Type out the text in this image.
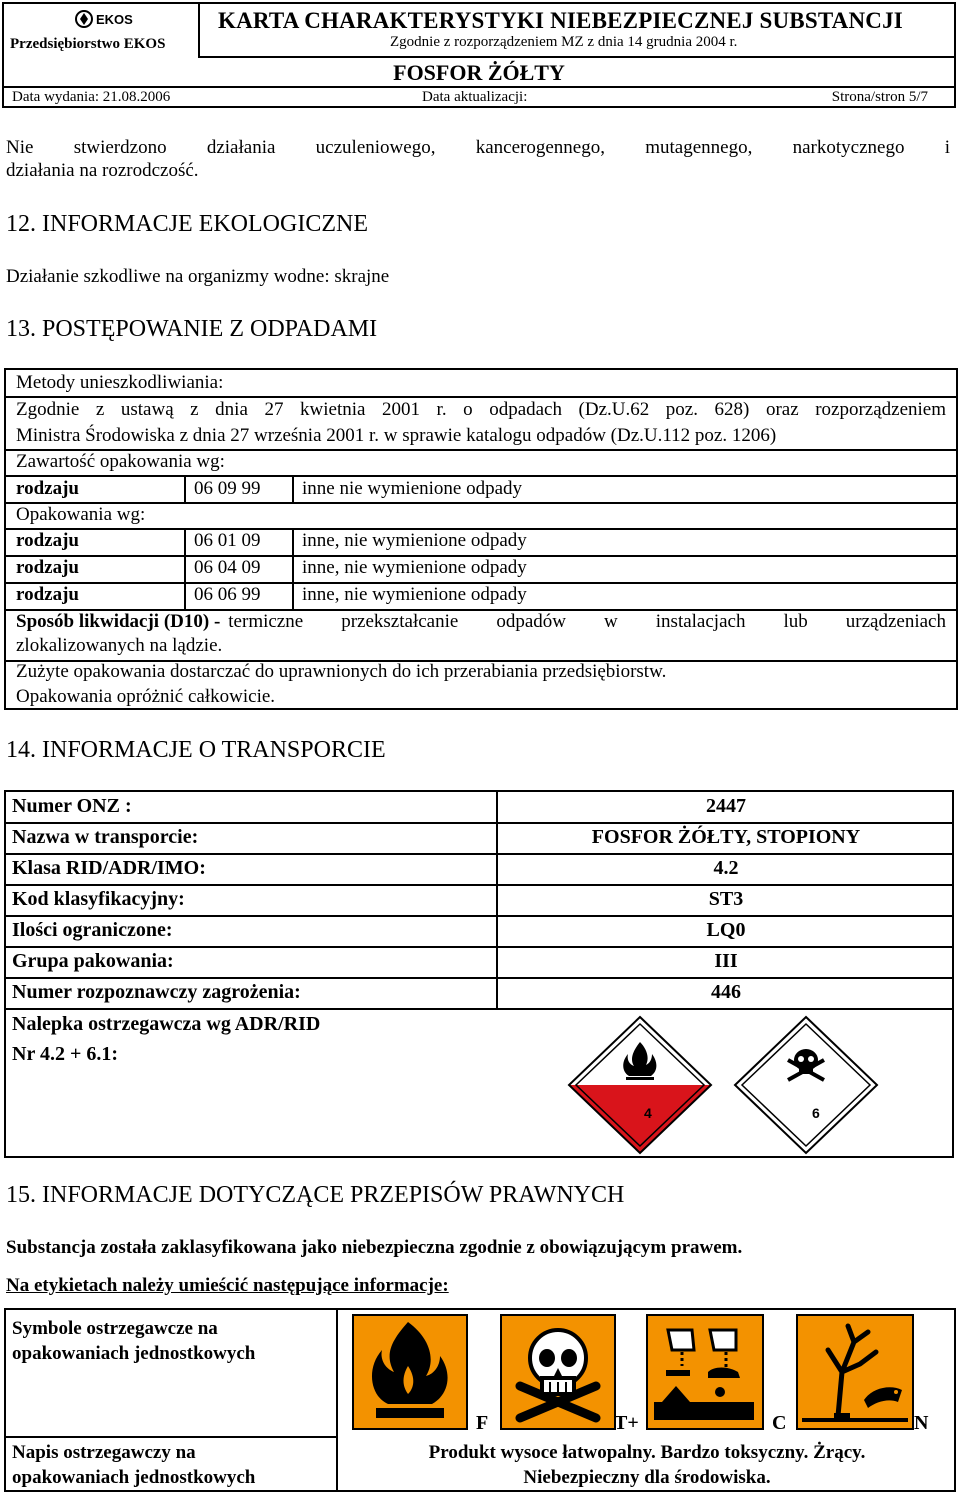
EKOS
Przedsiębiorstwo EKOS
KARTA CHARAKTERYSTYKI NIEBEZPIECZNEJ SUBSTANCJI
Zgodnie z rozporządzeniem MZ z dnia 14 grudnia 2004 r.
FOSFOR ŻÓŁTY
Data wydania: 21.08.2006	Data aktualizacji:	Strona/stron 5/7
Nie stwierdzono działania uczuleniowego, kancerogennego, mutagennego, narkotycznego i
działania na rozrodczość.
12. INFORMACJE EKOLOGICZNE
Działanie szkodliwe na organizmy wodne: skrajne
13. POSTĘPOWANIE Z ODPADAMI
Metody unieszkodliwiania:
Zgodnie z ustawą z dnia 27 kwietnia 2001 r. o odpadach (Dz.U.62 poz. 628) oraz rozporządzeniem
Ministra Środowiska z dnia 27 września 2001 r. w sprawie katalogu odpadów (Dz.U.112 poz. 1206)
Zawartość opakowania wg:
rodzaju	06 09 99 inne nie wymienione odpady
Opakowania wg:
rodzaju	06 01 09 inne, nie wymienione odpady
rodzaju	06 04 09 inne, nie wymienione odpady
rodzaju	06 06 99 inne, nie wymienione odpady
Sposób likwidacji (D10) - termiczne przekształcanie odpadów w instalacjach lub urządzeniach
zlokalizowanych na lądzie.
Zużyte opakowania dostarczać do uprawnionych do ich przerabiania przedsiębiorstw.
Opakowania opróżnić całkowicie.
14. INFORMACJE O TRANSPORCIE
Numer ONZ :	2447
Nazwa w transporcie:	FOSFOR ŻÓŁTY, STOPIONY
Klasa RID/ADR/IMO:	4.2
Kod klasyfikacyjny:	ST3
Ilości ograniczone:	LQ0
Grupa pakowania:	III
Numer rozpoznawczy zagrożenia:	446
Nalepka ostrzegawcza wg ADR/RID
Nr 4.2 + 6.1:
4	6
15. INFORMACJE DOTYCZĄCE PRZEPISÓW PRAWNYCH
Substancja została zaklasyfikowana jako niebezpieczna zgodnie z obowiązującym prawem.
Na etykietach należy umieścić następujące informacje:
Symbole ostrzegawcze na
opakowaniach jednostkowych
F	T+	C	N
Napis ostrzegawczy na
opakowaniach jednostkowych
Produkt wysoce łatwopalny. Bardzo toksyczny. Żrący.
Niebezpieczny dla środowiska.
